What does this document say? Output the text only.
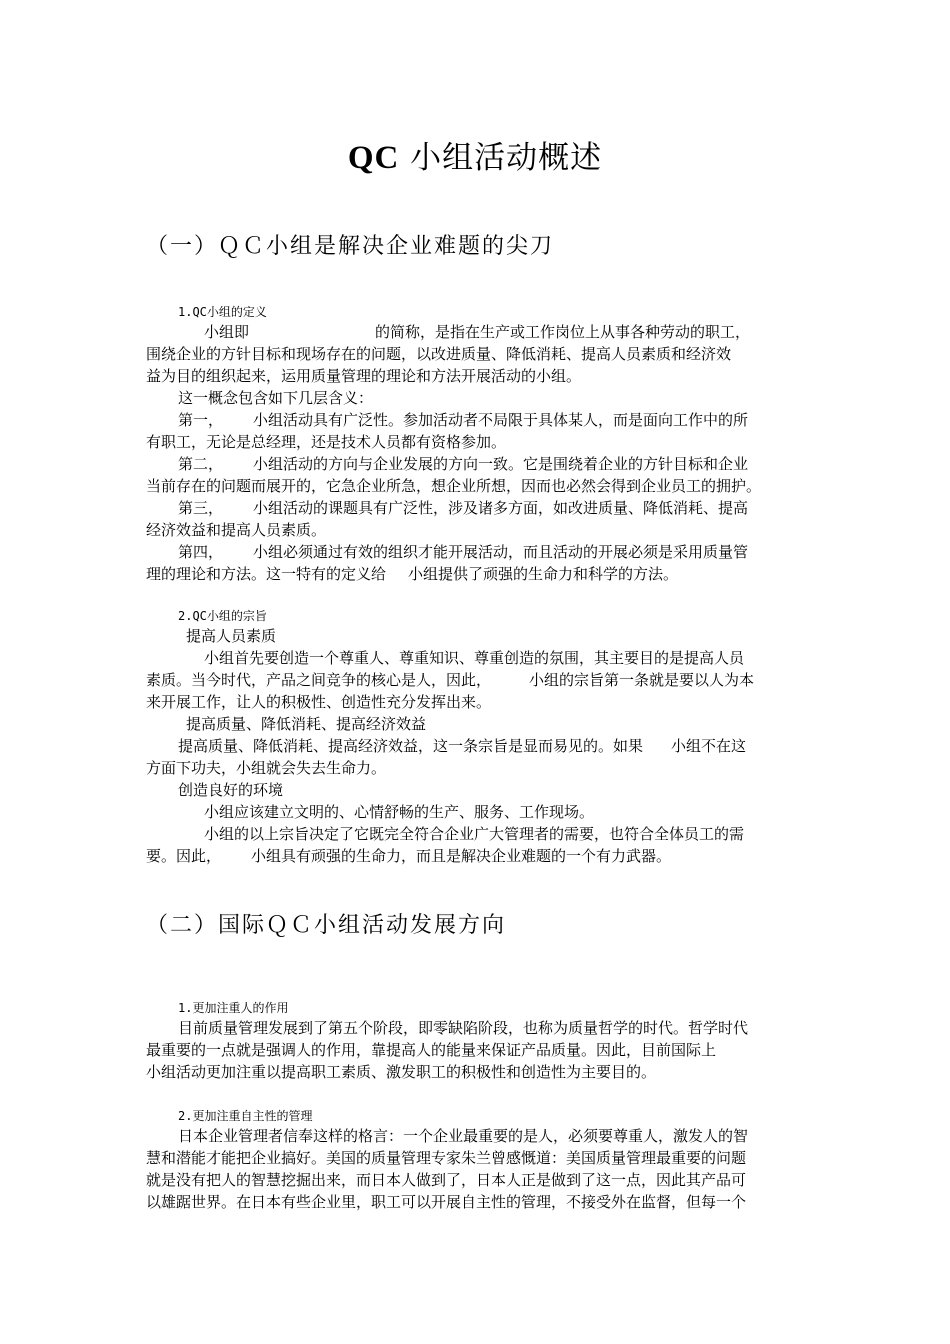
QC 小组活动概述
（一）ＱＣ小组是解决企业难题的尖刀
1.QC小组的定义
小组即	的简称，是指在生产或工作岗位上从事各种劳动的职工，
围绕企业的方针目标和现场存在的问题，以改进质量、降低消耗、提高人员素质和经济效
益为目的组织起来，运用质量管理的理论和方法开展活动的小组。
这一概念包含如下几层含义：
第一， 小组活动具有广泛性。参加活动者不局限于具体某人，而是面向工作中的所
有职工，无论是总经理，还是技术人员都有资格参加。
第二， 小组活动的方向与企业发展的方向一致。它是围绕着企业的方针目标和企业
当前存在的问题而展开的，它急企业所急，想企业所想，因而也必然会得到企业员工的拥护。
第三， 小组活动的课题具有广泛性，涉及诸多方面，如改进质量、降低消耗、提高
经济效益和提高人员素质。
第四， 小组必须通过有效的组织才能开展活动，而且活动的开展必须是采用质量管
理的理论和方法。这一特有的定义给 小组提供了顽强的生命力和科学的方法。
2.QC小组的宗旨
提高人员素质
小组首先要创造一个尊重人、尊重知识、尊重创造的氛围，其主要目的是提高人员
素质。当今时代，产品之间竞争的核心是人，因此，	小组的宗旨第一条就是要以人为本
来开展工作，让人的积极性、创造性充分发挥出来。
提高质量、降低消耗、提高经济效益
提高质量、降低消耗、提高经济效益，这一条宗旨是显而易见的。如果 小组不在这
方面下功夫，小组就会失去生命力。
创造良好的环境
小组应该建立文明的、心情舒畅的生产、服务、工作现场。
小组的以上宗旨决定了它既完全符合企业广大管理者的需要，也符合全体员工的需
要。因此， 小组具有顽强的生命力，而且是解决企业难题的一个有力武器。
（二）国际ＱＣ小组活动发展方向
1.更加注重人的作用
目前质量管理发展到了第五个阶段，即零缺陷阶段，也称为质量哲学的时代。哲学时代
最重要的一点就是强调人的作用，靠提高人的能量来保证产品质量。因此，目前国际上
小组活动更加注重以提高职工素质、激发职工的积极性和创造性为主要目的。
2.更加注重自主性的管理
日本企业管理者信奉这样的格言：一个企业最重要的是人，必须要尊重人，激发人的智
慧和潜能才能把企业搞好。美国的质量管理专家朱兰曾感慨道：美国质量管理最重要的问题
就是没有把人的智慧挖掘出来，而日本人做到了，日本人正是做到了这一点，因此其产品可
以雄踞世界。在日本有些企业里，职工可以开展自主性的管理，不接受外在监督，但每一个
